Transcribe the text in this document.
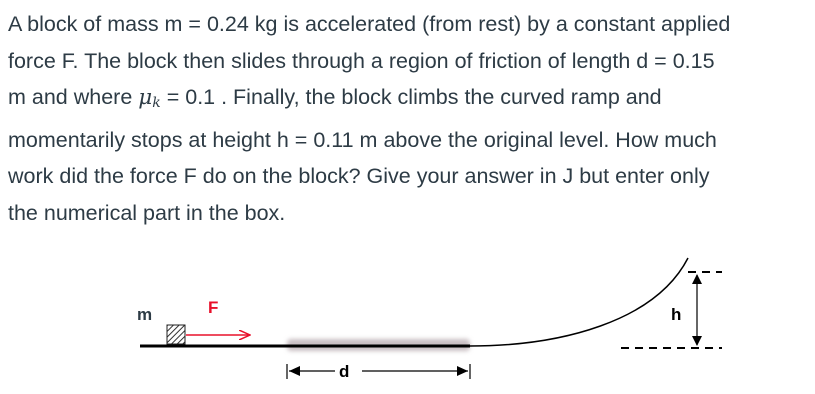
A block of mass m = 0.24 kg is accelerated (from rest) by a constant applied
force F. The block then slides through a region of friction of length d = 0.15
m and where $\mu_k = 0.1$ . Finally, the block climbs the curved ramp and
momentarily stops at height h = 0.11 m above the original level. How much
work did the force F do on the block? Give your answer in J but enter only
the numerical part in the box.
m	F
d
h
